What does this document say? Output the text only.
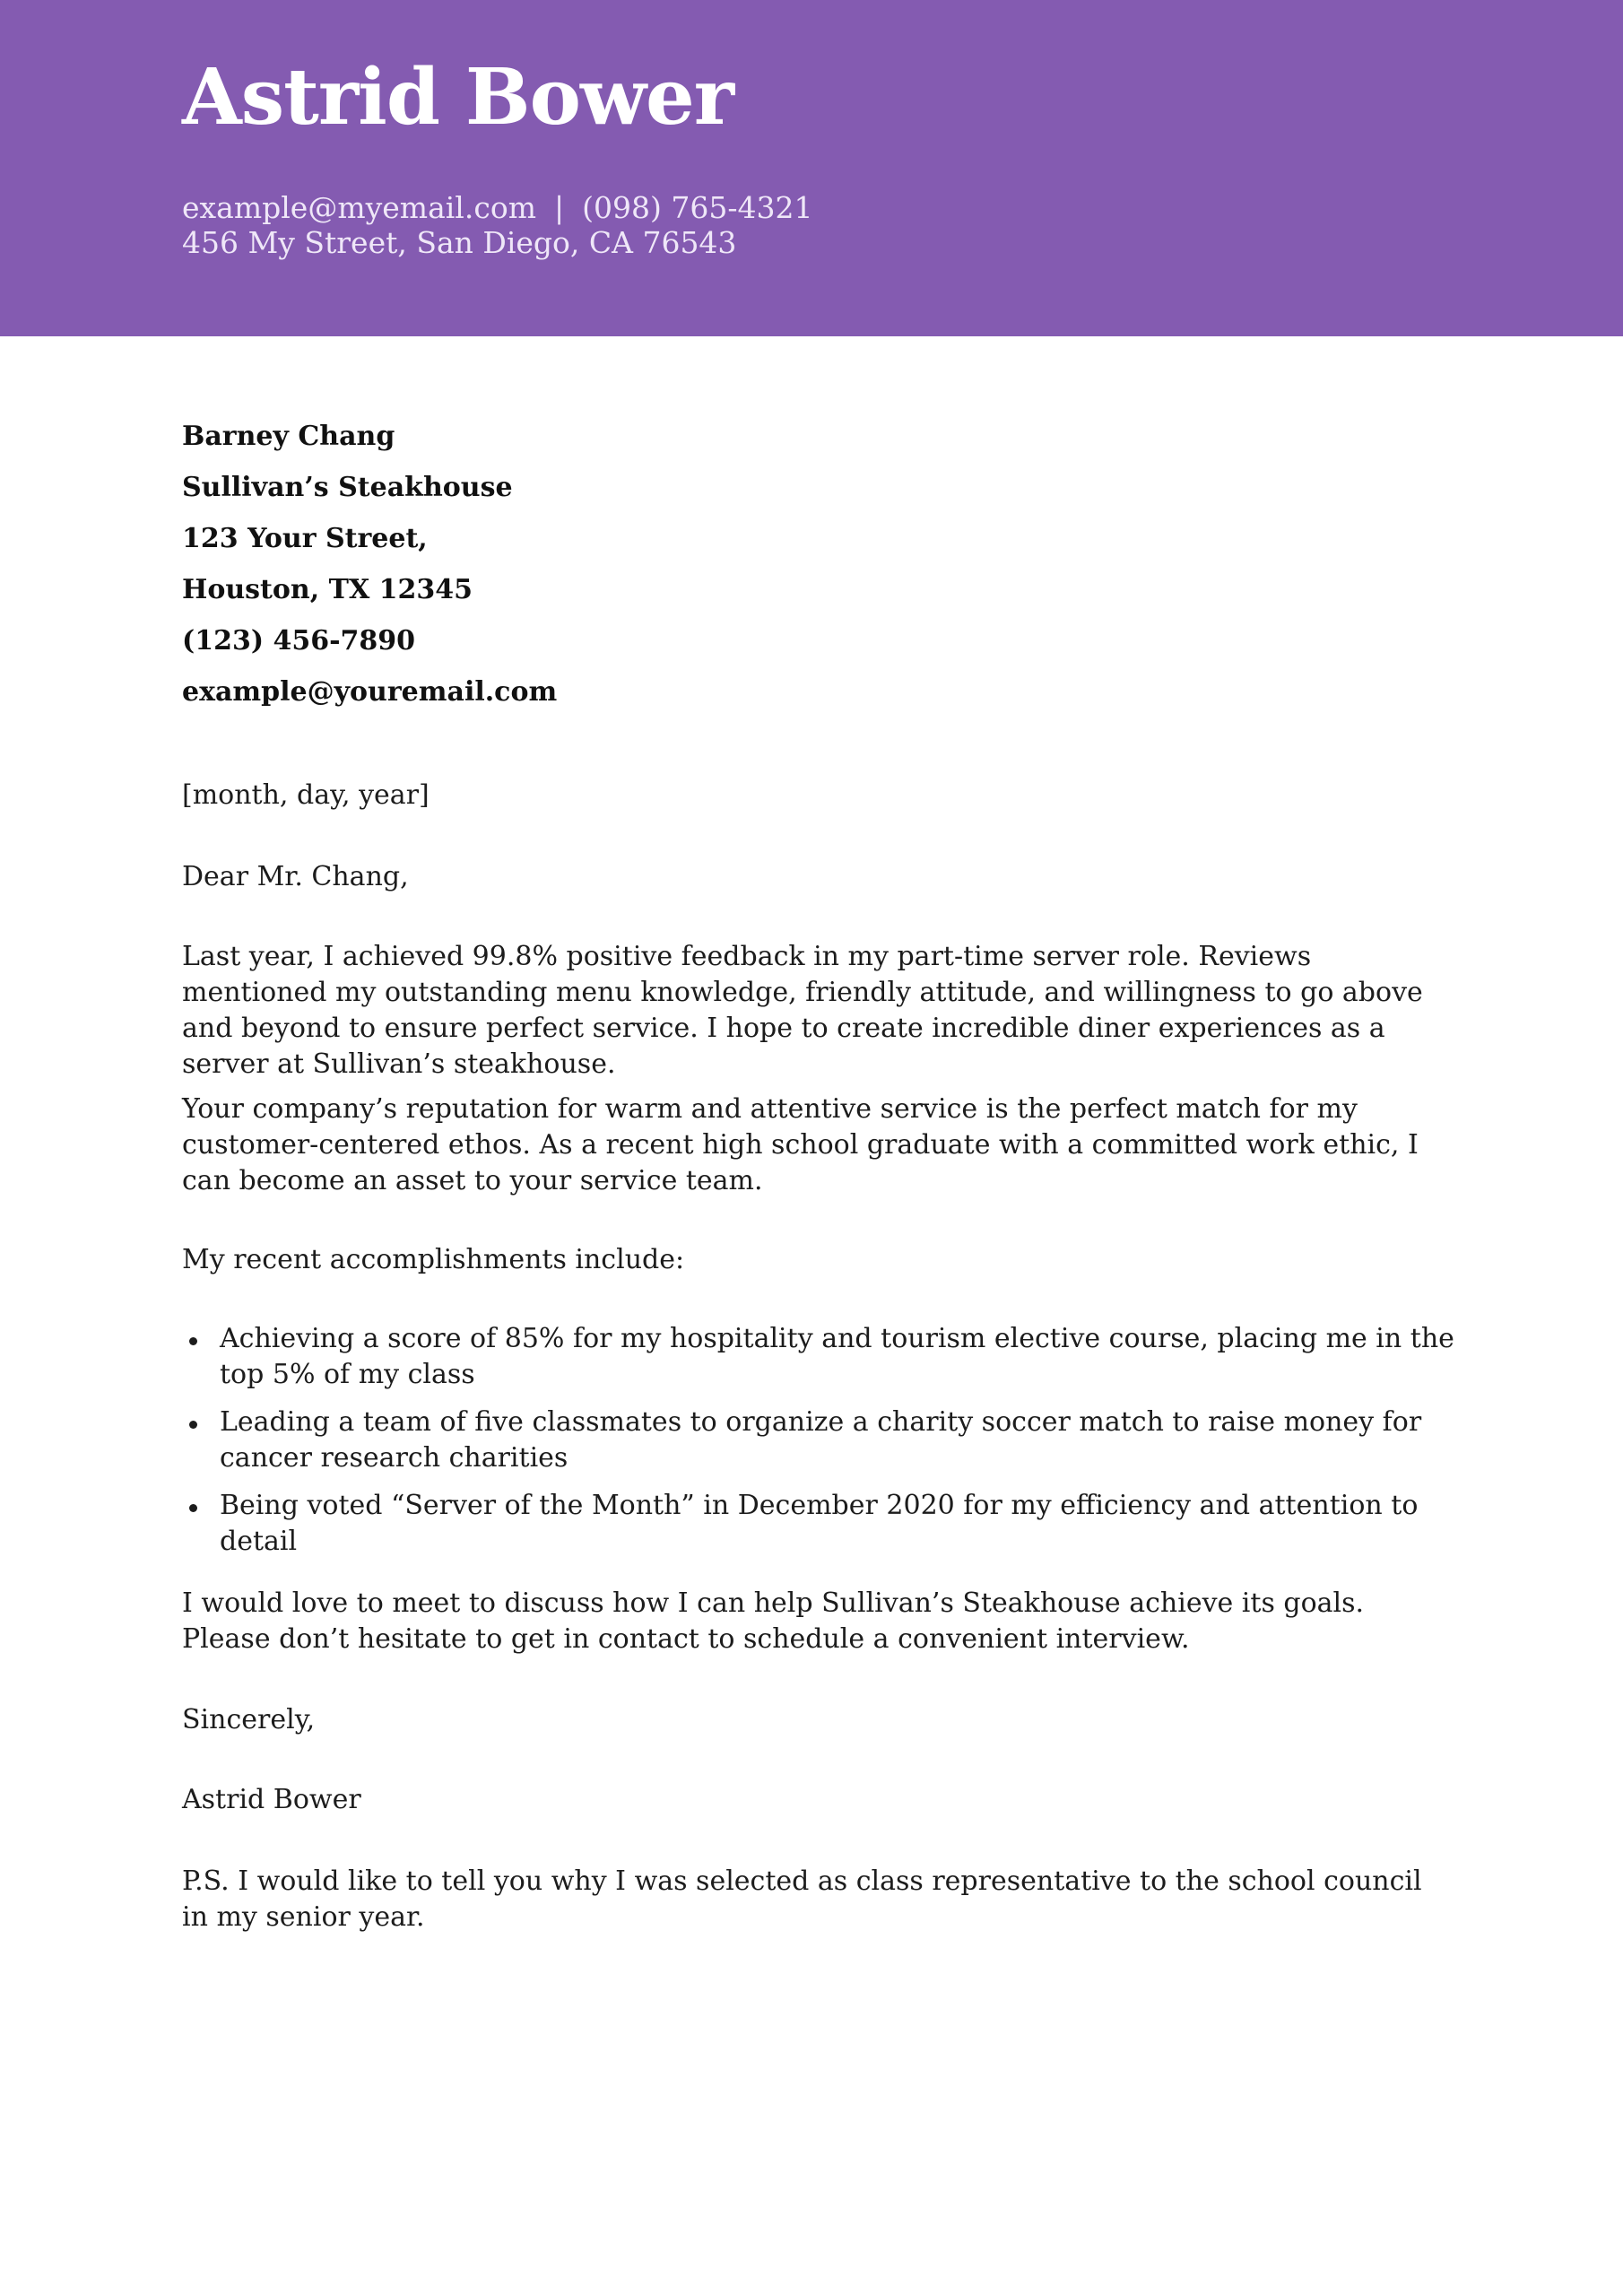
Astrid Bower
example@myemail.com | (098) 765-4321
456 My Street, San Diego, CA 76543
Barney Chang
Sullivan’s Steakhouse
123 Your Street,
Houston, TX 12345
(123) 456-7890
example@youremail.com

[month, day, year]

Dear Mr. Chang,

Last year, I achieved 99.8% positive feedback in my part-time server role. Reviews mentioned my outstanding menu knowledge, friendly attitude, and willingness to go above and beyond to ensure perfect service. I hope to create incredible diner experiences as a server at Sullivan’s steakhouse.

Your company’s reputation for warm and attentive service is the perfect match for my customer-centered ethos. As a recent high school graduate with a committed work ethic, I can become an asset to your service team.

My recent accomplishments include:

Achieving a score of 85% for my hospitality and tourism elective course, placing me in the top 5% of my class
Leading a team of five classmates to organize a charity soccer match to raise money for cancer research charities
Being voted “Server of the Month” in December 2020 for my efficiency and attention to detail

I would love to meet to discuss how I can help Sullivan’s Steakhouse achieve its goals. Please don’t hesitate to get in contact to schedule a convenient interview.

Sincerely,

Astrid Bower

P.S. I would like to tell you why I was selected as class representative to the school council in my senior year.
